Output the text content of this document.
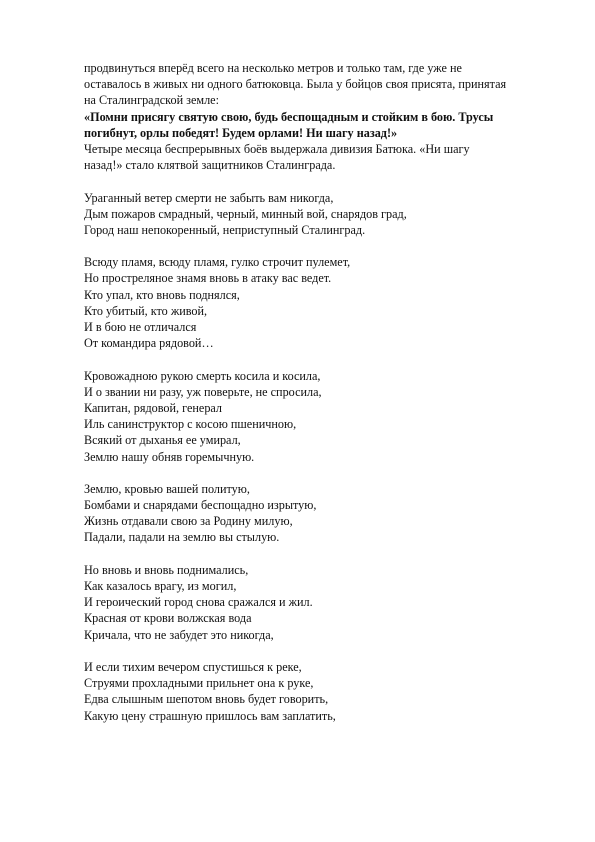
продвинуться вперёд всего на несколько метров и только там, где уже не
оставалось в живых ни одного батюковца. Была у бойцов своя присята, принятая
на Сталинградской земле:
«Помни присягу святую свою, будь беспощадным и стойким в бою. Трусы
погибнут, орлы победят! Будем орлами! Ни шагу назад!»
Четыре месяца беспрерывных боёв выдержала дивизия Батюка. «Ни шагу
назад!» стало клятвой защитников Сталинграда.
Ураганный ветер смерти не забыть вам никогда,
Дым пожаров смрадный, черный, минный вой, снарядов град,
Город наш непокоренный, неприступный Сталинград.
Всюду пламя, всюду пламя, гулко строчит пулемет,
Но простреляное знамя вновь в атаку вас ведет.
Кто упал, кто вновь поднялся,
Кто убитый, кто живой,
И в бою не отличался
От командира рядовой…
Кровожадною рукою смерть косила и косила,
И о звании ни разу, уж поверьте, не спросила,
Капитан, рядовой, генерал
Иль санинструктор с косою пшеничною,
Всякий от дыханья ее умирал,
Землю нашу обняв горемычную.
Землю, кровью вашей политую,
Бомбами и снарядами беспощадно изрытую,
Жизнь отдавали свою за Родину милую,
Падали, падали на землю вы стылую.
Но вновь и вновь поднимались,
Как казалось врагу, из могил,
И героический город снова сражался и жил.
Красная от крови волжская вода
Кричала, что не забудет это никогда,
И если тихим вечером спустишься к реке,
Струями прохладными прильнет она к руке,
Едва слышным шепотом вновь будет говорить,
Какую цену страшную пришлось вам заплатить,
